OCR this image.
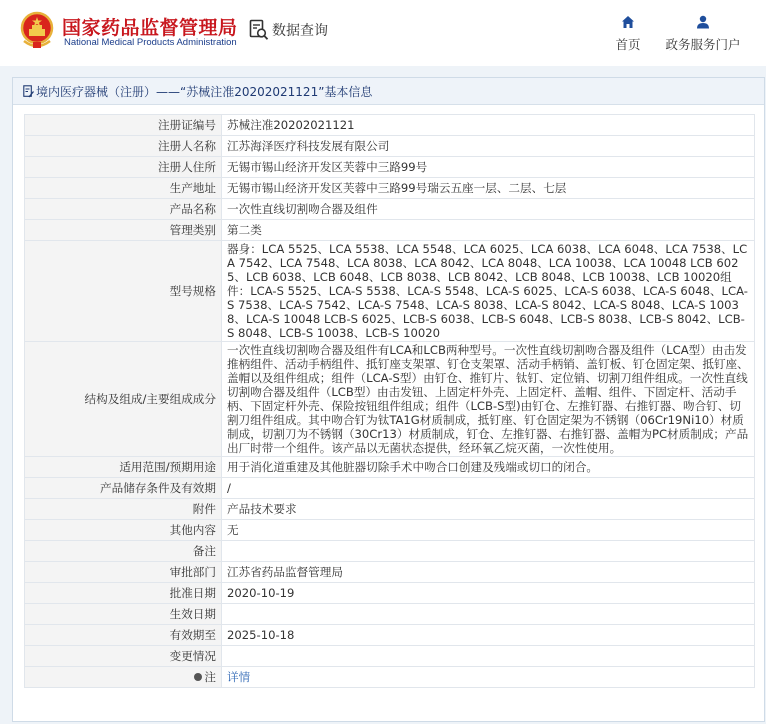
国家药品监督管理局
National Medical Products Administration
数据查询
首页	政务服务门户
境内医疗器械（注册）——“苏械注准20202021121”基本信息
注册证编号	苏械注准20202021121
注册人名称	江苏海泽医疗科技发展有限公司
注册人住所	无锡市锡山经济开发区芙蓉中三路99号
生产地址	无锡市锡山经济开发区芙蓉中三路99号瑞云五座一层、二层、七层
产品名称	一次性直线切割吻合器及组件
管理类别	第二类
型号规格	器身：LCA 5525、LCA 5538、LCA 5548、LCA 6025、LCA 6038、LCA 6048、LCA 7538、LCA 7542、LCA 7548、LCA 8038、LCA 8042、LCA 8048、LCA 10038、LCA 10048 LCB 6025、LCB 6038、LCB 6048、LCB 8038、LCB 8042、LCB 8048、LCB 10038、LCB 10020组件：LCA-S 5525、LCA-S 5538、LCA-S 5548、LCA-S 6025、LCA-S 6038、LCA-S 6048、LCA-S 7538、LCA-S 7542、LCA-S 7548、LCA-S 8038、LCA-S 8042、LCA-S 8048、LCA-S 10038、LCA-S 10048 LCB-S 6025、LCB-S 6038、LCB-S 6048、LCB-S 8038、LCB-S 8042、LCB-S 8048、LCB-S 10038、LCB-S 10020
结构及组成/主要组成成分	一次性直线切割吻合器及组件有LCA和LCB两种型号。一次性直线切割吻合器及组件（LCA型）由击发推柄组件、活动手柄组件、抵钉座支架罩、钉仓支架罩、活动手柄销、盖钉板、钉仓固定架、抵钉座、盖帽以及组件组成；组件（LCA-S型）由钉仓、推钉片、钛钉、定位销、切割刀组件组成。一次性直线切割吻合器及组件（LCB型）由击发钮、上固定杆外壳、上固定杆、盖帽、组件、下固定杆、活动手柄、下固定杆外壳、保险按钮组件组成；组件（LCB-S型)由钉仓、左推钉器、右推钉器、吻合钉、切割刀组件组成。其中吻合钉为钛TA1G材质制成，抵钉座、钉仓固定架为不锈钢（06Cr19Ni10）材质制成，切割刀为不锈钢（30Cr13）材质制成，钉仓、左推钉器、右推钉器、盖帽为PC材质制成；产品出厂时带一个组件。该产品以无菌状态提供，经环氧乙烷灭菌，一次性使用。
适用范围/预期用途	用于消化道重建及其他脏器切除手术中吻合口创建及残端或切口的闭合。
产品储存条件及有效期	/
附件	产品技术要求
其他内容	无
备注	
审批部门	江苏省药品监督管理局
批准日期	2020-10-19
生效日期	
有效期至	2025-10-18
变更情况	
注	详情
